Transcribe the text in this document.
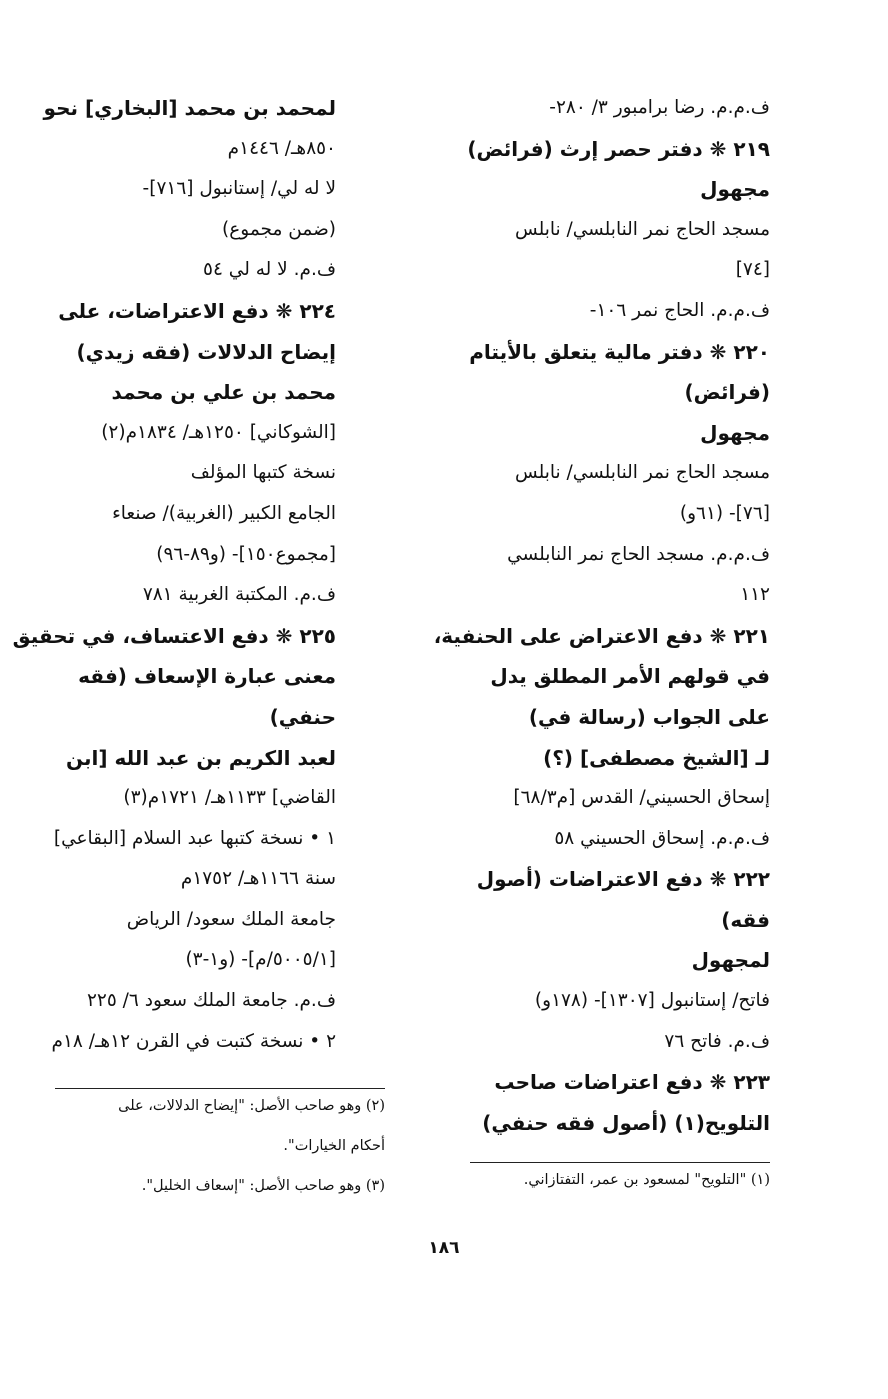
ف.م.م. رضا برامبور ٣/ ٢٨٠-
٢١٩ ❋ دفتر حصر إرث (فرائض)
مجهول
مسجد الحاج نمر النابلسي/ نابلس
[٧٤]
ف.م.م. الحاج نمر ١٠٦-
٢٢٠ ❋ دفتر مالية يتعلق بالأيتام
(فرائض)
مجهول
مسجد الحاج نمر النابلسي/ نابلس
[٧٦]- (٦١و)
ف.م.م. مسجد الحاج نمر النابلسي
١١٢
٢٢١ ❋ دفع الاعتراض على الحنفية،
في قولهم الأمر المطلق يدل
على الجواب (رسالة في)
لـ [الشيخ مصطفى] (؟)
إسحاق الحسيني/ القدس [م٦٨/٣]
ف.م.م. إسحاق الحسيني ٥٨
٢٢٢ ❋ دفع الاعتراضات (أصول
فقه)
لمجهول
فاتح/ إستانبول [١٣٠٧]- (١٧٨و)
ف.م. فاتح ٧٦
٢٢٣ ❋ دفع اعتراضات صاحب
التلويح(١) (أصول فقه حنفي)
لمحمد بن محمد [البخاري] نحو
٨٥٠هـ/ ١٤٤٦م
لا له لي/ إستانبول [٧١٦]-
(ضمن مجموع)
ف.م. لا له لي ٥٤
٢٢٤ ❋ دفع الاعتراضات، على
إيضاح الدلالات (فقه زيدي)
محمد بن علي بن محمد
[الشوكاني] ١٢٥٠هـ/ ١٨٣٤م(٢)
نسخة كتبها المؤلف
الجامع الكبير (الغربية)/ صنعاء
[مجموع١٥٠]- (و٨٩-٩٦)
ف.م. المكتبة الغربية ٧٨١
٢٢٥ ❋ دفع الاعتساف، في تحقيق
معنى عبارة الإسعاف (فقه
حنفي)
لعبد الكريم بن عبد الله [ابن
القاضي] ١١٣٣هـ/ ١٧٢١م(٣)
١ • نسخة كتبها عبد السلام [البقاعي]
سنة ١١٦٦هـ/ ١٧٥٢م
جامعة الملك سعود/ الرياض
[٥٠٠٥/١/م]- (و١-٣)
ف.م. جامعة الملك سعود ٦/ ٢٢٥
٢ • نسخة كتبت في القرن ١٢هـ/ ١٨م
(٢) وهو صاحب الأصل: "إيضاح الدلالات، على
أحكام الخيارات".
(٣) وهو صاحب الأصل: "إسعاف الخليل".	(١) "التلويح" لمسعود بن عمر، التفتازاني.
١٨٦
